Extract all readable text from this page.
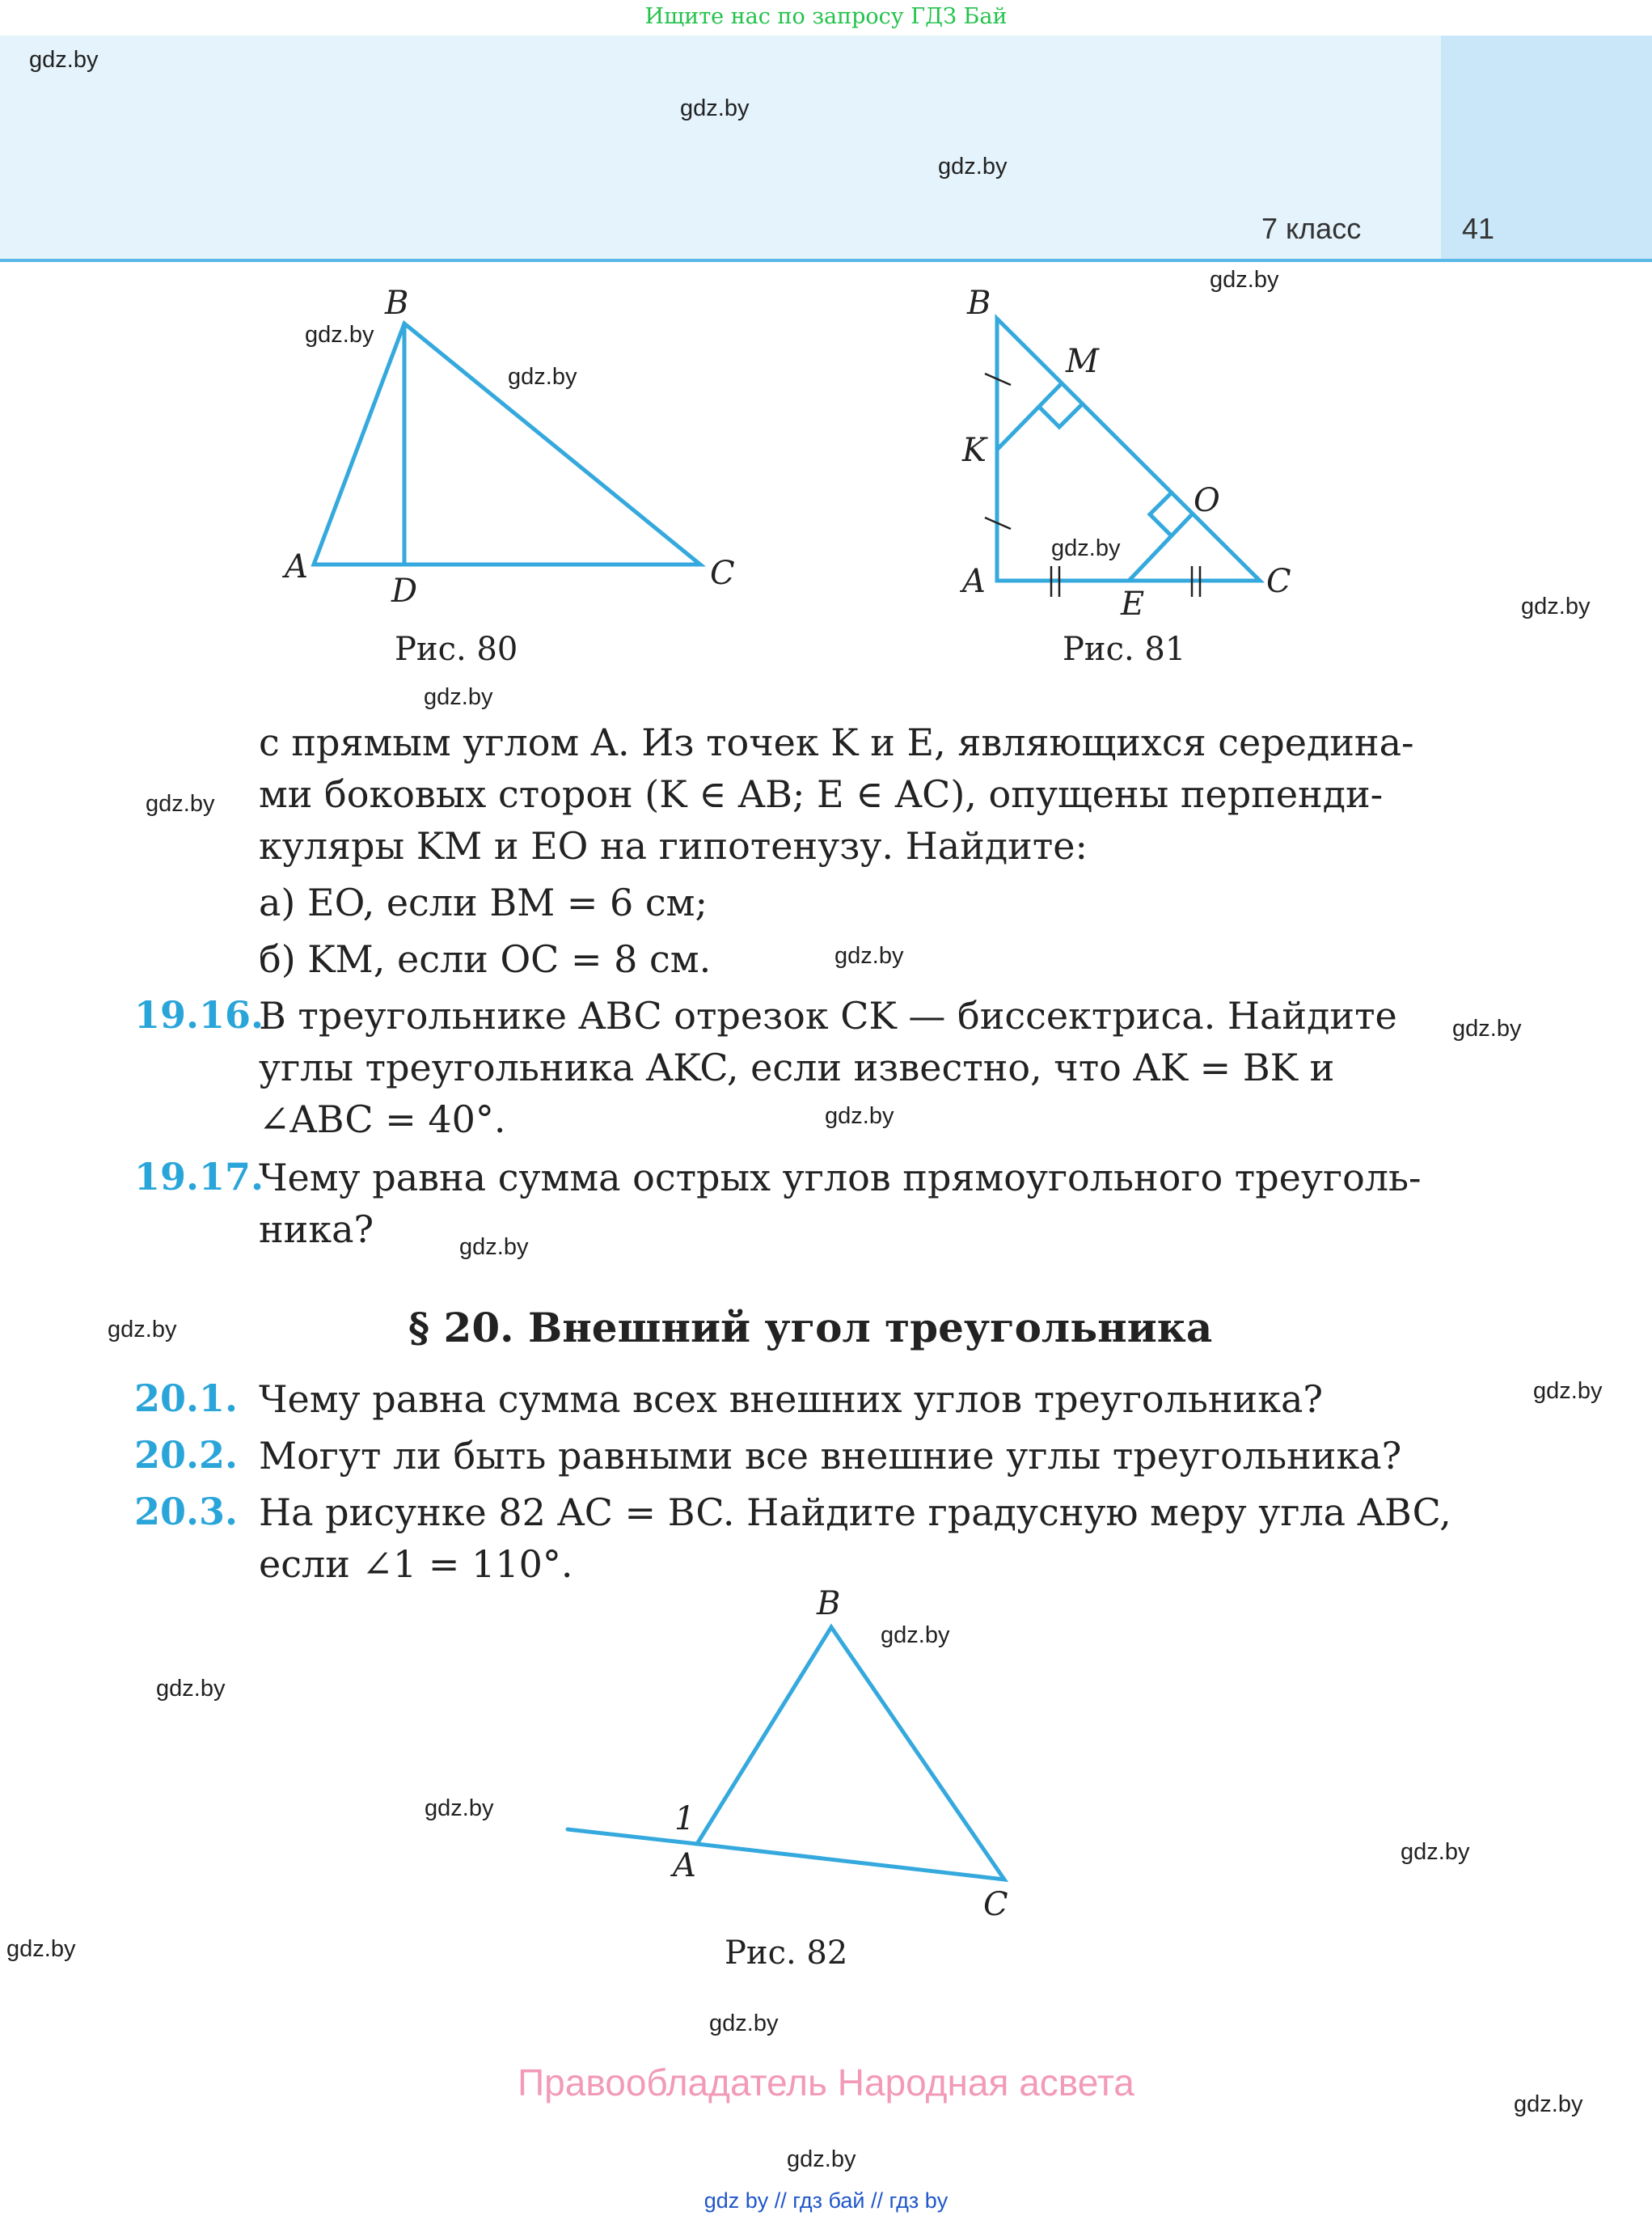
Ищите нас по запросу ГДЗ Бай
7 класс	41
gdz.by
gdz.by
gdz.by
gdz.by
gdz.by
gdz.by
gdz.by
gdz.by
gdz.by
gdz.by
gdz.by
gdz.by
gdz.by
gdz.by
gdz.by
gdz.by
gdz.by
gdz.by
gdz.by
gdz.by
gdz.by
gdz.by
gdz.by
gdz.by
B
A
D	C
Рис. 80
B
M
K
O
A
E
C
Рис. 81
с прямым углом A. Из точек K и E, являющихся середина-
ми боковых сторон (K ∈ AB; E ∈ AC), опущены перпенди-
куляры KM и EO на гипотенузу. Найдите:
а) EO, если BM = 6 см;
б) KM, если OC = 8 см.
19.16.
В треугольнике ABC отрезок CK — биссектриса. Найдите
углы треугольника AKC, если известно, что AK = BK и
∠ABC = 40°.
19.17.
Чему равна сумма острых углов прямоугольного треуголь-
ника?
§ 20. Внешний угол треугольника
20.1. Чему равна сумма всех внешних углов треугольника?
20.2. Могут ли быть равными все внешние углы треугольника?
20.3. На рисунке 82 AC = BC. Найдите градусную меру угла ABC,
если ∠1 = 110°.
B
1
A
C
Рис. 82
Правообладатель Народная асвета
gdz by // гдз бай // гдз by
